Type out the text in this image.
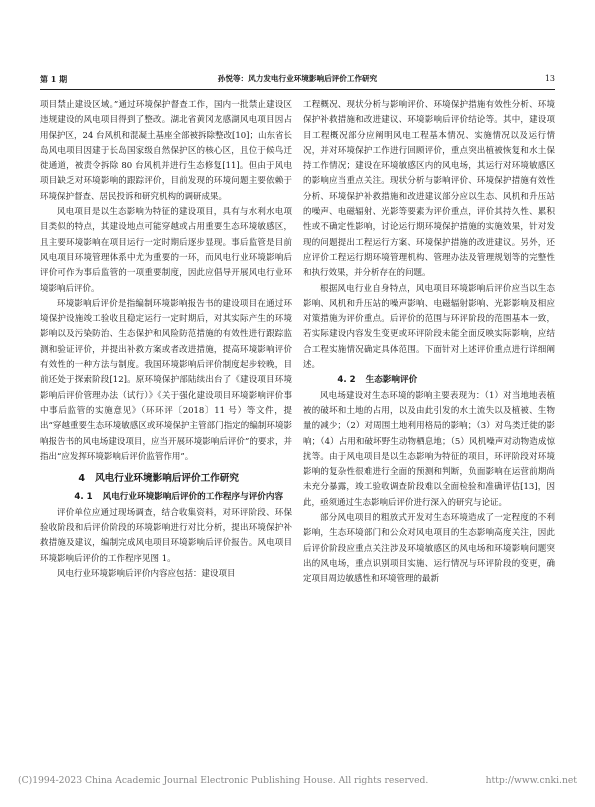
第 1 期	孙悦等：风力发电行业环境影响后评价工作研究	13

项目禁止建设区域。”通过环境保护督查工作，国内一批禁止建设区违规建设的风电项目得到了整改。湖北省黄冈龙感湖风电项目因占用保护区，24 台风机和混凝土基座全部被拆除整改[10]；山东省长岛风电项目因建于长岛国家级自然保护区的核心区，且位于候鸟迁徙通道，被责令拆除 80 台风机并进行生态修复[11]。但由于风电项目缺乏对环境影响的跟踪评价，目前发现的环境问题主要依赖于环境保护督查、居民投诉和研究机构的调研成果。

风电项目是以生态影响为特征的建设项目，具有与水利水电项目类似的特点，其建设地点可能穿越或占用重要生态环境敏感区，且主要环境影响在项目运行一定时期后逐步显现。事后监管是目前风电项目环境管理体系中尤为重要的一环，而风电行业环境影响后评价可作为事后监管的一项重要制度，因此应倡导开展风电行业环境影响后评价。

环境影响后评价是指编制环境影响报告书的建设项目在通过环境保护设施竣工验收且稳定运行一定时期后，对其实际产生的环境影响以及污染防治、生态保护和风险防范措施的有效性进行跟踪监测和验证评价，并提出补救方案或者改进措施，提高环境影响评价有效性的一种方法与制度。我国环境影响后评价制度起步较晚，目前还处于探索阶段[12]。原环境保护部陆续出台了《建设项目环境影响后评价管理办法（试行）》《关于强化建设项目环境影响评价事中事后监管的实施意见》（环环评〔2018〕11 号）等文件，提出“穿越重要生态环境敏感区或环境保护主管部门指定的编制环境影响报告书的风电场建设项目，应当开展环境影响后评价”的要求，并指出“应发挥环境影响后评价监管作用”。

4 风电行业环境影响后评价工作研究

4. 1 风电行业环境影响后评价的工作程序与评价内容

评价单位应通过现场调查，结合收集资料，对环评阶段、环保验收阶段和后评价阶段的环境影响进行对比分析，提出环境保护补救措施及建议，编制完成风电项目环境影响后评价报告。风电项目环境影响后评价的工作程序见图 1。

风电行业环境影响后评价内容应包括：建设项目

工程概况、现状分析与影响评价、环境保护措施有效性分析、环境保护补救措施和改进建议、环境影响后评价结论等。其中，建设项目工程概况部分应阐明风电工程基本情况、实施情况以及运行情况，并对环境保护工作进行回顾评价，重点突出植被恢复和水土保持工作情况；建设在环境敏感区内的风电场，其运行对环境敏感区的影响应当重点关注。现状分析与影响评价、环境保护措施有效性分析、环境保护补救措施和改进建议部分应以生态、风机和升压站的噪声、电磁辐射、光影等要素为评价重点，评价其持久性、累积性或不确定性影响，讨论运行期环境保护措施的实施效果，针对发现的问题提出工程运行方案、环境保护措施的改进建议。另外，还应评价工程运行期环境管理机构、管理办法及管理规划等的完整性和执行效果，并分析存在的问题。

根据风电行业自身特点，风电项目环境影响后评价应当以生态影响、风机和升压站的噪声影响、电磁辐射影响、光影影响及相应对策措施为评价重点。后评价的范围与环评阶段的范围基本一致，若实际建设内容发生变更或环评阶段未能全面反映实际影响，应结合工程实施情况确定具体范围。下面针对上述评价重点进行详细阐述。

4. 2 生态影响评价

风电场建设对生态环境的影响主要表现为：（1）对当地地表植被的破坏和土地的占用，以及由此引发的水土流失以及植被、生物量的减少；（2）对周围土地利用格局的影响；（3）对鸟类迁徙的影响；（4）占用和破坏野生动物栖息地；（5）风机噪声对动物造成惊扰等。由于风电项目是以生态影响为特征的项目，环评阶段对环境影响的复杂性很难进行全面的预测和判断，负面影响在运营前期尚未充分暴露，竣工验收调查阶段难以全面检验和准确评估[13]，因此，亟须通过生态影响后评价进行深入的研究与论证。

部分风电项目的粗放式开发对生态环境造成了一定程度的不利影响，生态环境部门和公众对风电项目的生态影响高度关注，因此后评价阶段应重点关注涉及环境敏感区的风电场和环境影响问题突出的风电场，重点识别项目实施、运行情况与环评阶段的变更，确定项目周边敏感性和环境管理的最新

(C)1994-2023 China Academic Journal Electronic Publishing House. All rights reserved.	http://www.cnki.net
